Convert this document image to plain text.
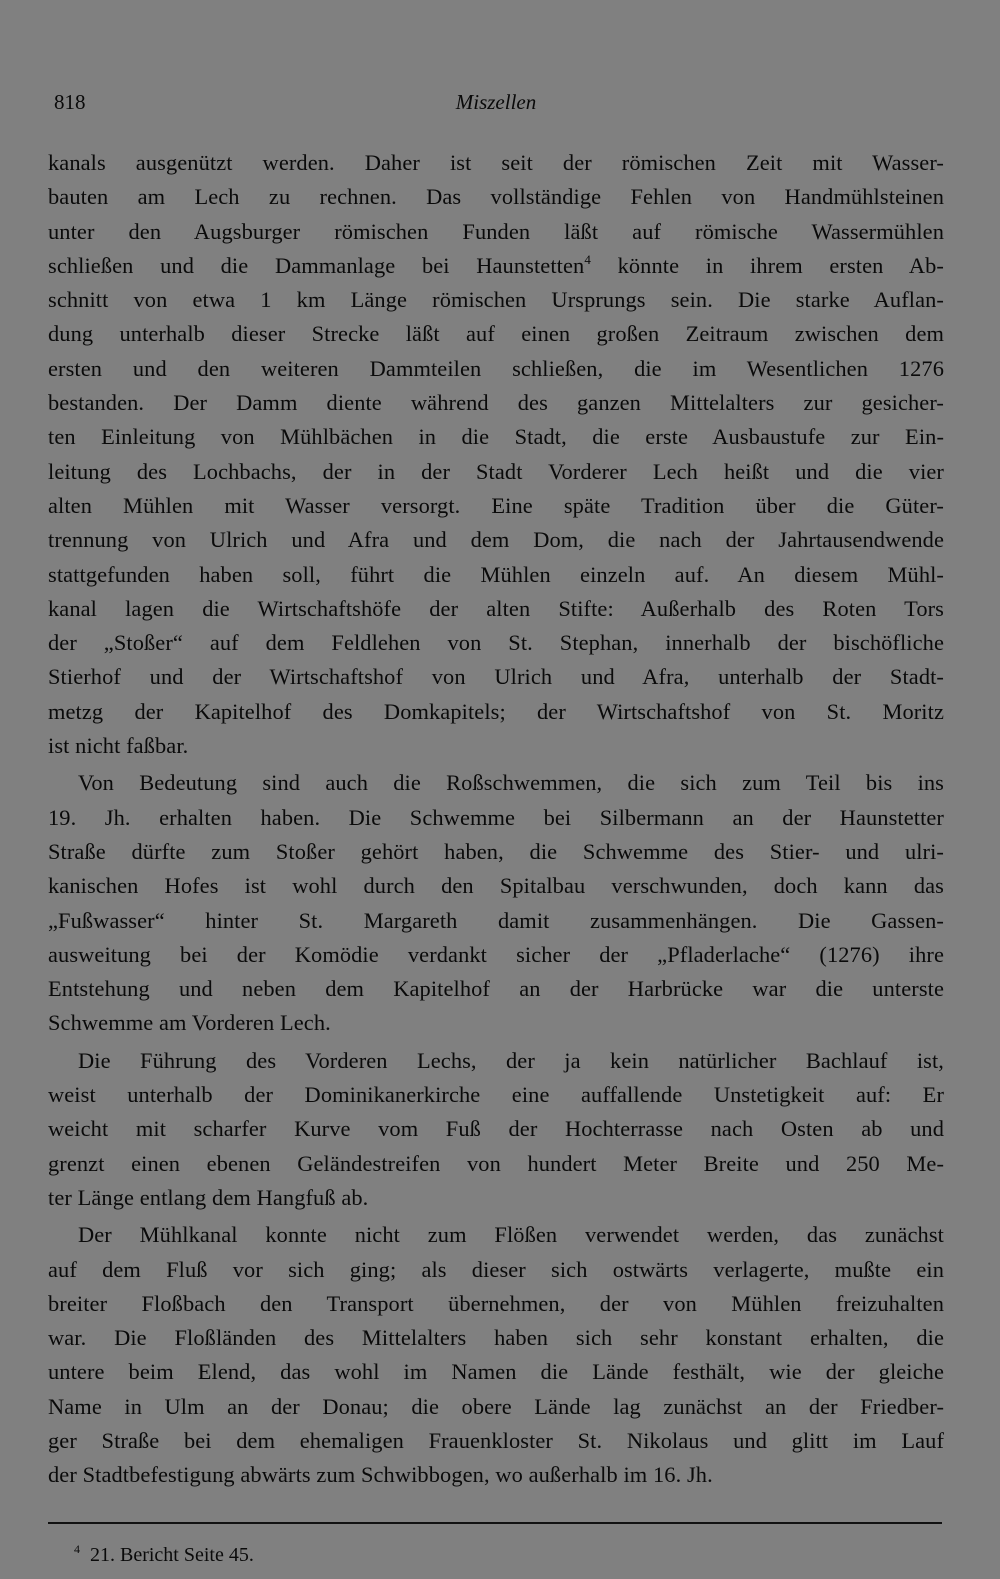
818	Miszellen
kanals ausgenützt werden. Daher ist seit der römischen Zeit mit Wasser-
bauten am Lech zu rechnen. Das vollständige Fehlen von Handmühlsteinen
unter den Augsburger römischen Funden läßt auf römische Wassermühlen
schließen und die Dammanlage bei Haunstetten$^4$ könnte in ihrem ersten Ab-
schnitt von etwa 1 km Länge römischen Ursprungs sein. Die starke Auflan-
dung unterhalb dieser Strecke läßt auf einen großen Zeitraum zwischen dem
ersten und den weiteren Dammteilen schließen, die im Wesentlichen 1276
bestanden. Der Damm diente während des ganzen Mittelalters zur gesicher-
ten Einleitung von Mühlbächen in die Stadt, die erste Ausbaustufe zur Ein-
leitung des Lochbachs, der in der Stadt Vorderer Lech heißt und die vier
alten Mühlen mit Wasser versorgt. Eine späte Tradition über die Güter-
trennung von Ulrich und Afra und dem Dom, die nach der Jahrtausendwende
stattgefunden haben soll, führt die Mühlen einzeln auf. An diesem Mühl-
kanal lagen die Wirtschaftshöfe der alten Stifte: Außerhalb des Roten Tors
der „Stoßer“ auf dem Feldlehen von St. Stephan, innerhalb der bischöfliche
Stierhof und der Wirtschaftshof von Ulrich und Afra, unterhalb der Stadt-
metzg der Kapitelhof des Domkapitels; der Wirtschaftshof von St. Moritz
ist nicht faßbar.
Von Bedeutung sind auch die Roßschwemmen, die sich zum Teil bis ins
19. Jh. erhalten haben. Die Schwemme bei Silbermann an der Haunstetter
Straße dürfte zum Stoßer gehört haben, die Schwemme des Stier- und ulri-
kanischen Hofes ist wohl durch den Spitalbau verschwunden, doch kann das
„Fußwasser“ hinter St. Margareth damit zusammenhängen. Die Gassen-
ausweitung bei der Komödie verdankt sicher der „Pfladerlache“ (1276) ihre
Entstehung und neben dem Kapitelhof an der Harbrücke war die unterste
Schwemme am Vorderen Lech.
Die Führung des Vorderen Lechs, der ja kein natürlicher Bachlauf ist,
weist unterhalb der Dominikanerkirche eine auffallende Unstetigkeit auf: Er
weicht mit scharfer Kurve vom Fuß der Hochterrasse nach Osten ab und
grenzt einen ebenen Geländestreifen von hundert Meter Breite und 250 Me-
ter Länge entlang dem Hangfuß ab.
Der Mühlkanal konnte nicht zum Flößen verwendet werden, das zunächst
auf dem Fluß vor sich ging; als dieser sich ostwärts verlagerte, mußte ein
breiter Floßbach den Transport übernehmen, der von Mühlen freizuhalten
war. Die Floßländen des Mittelalters haben sich sehr konstant erhalten, die
untere beim Elend, das wohl im Namen die Lände festhält, wie der gleiche
Name in Ulm an der Donau; die obere Lände lag zunächst an der Friedber-
ger Straße bei dem ehemaligen Frauenkloster St. Nikolaus und glitt im Lauf
der Stadtbefestigung abwärts zum Schwibbogen, wo außerhalb im 16. Jh.
$^4$ 21. Bericht Seite 45.
